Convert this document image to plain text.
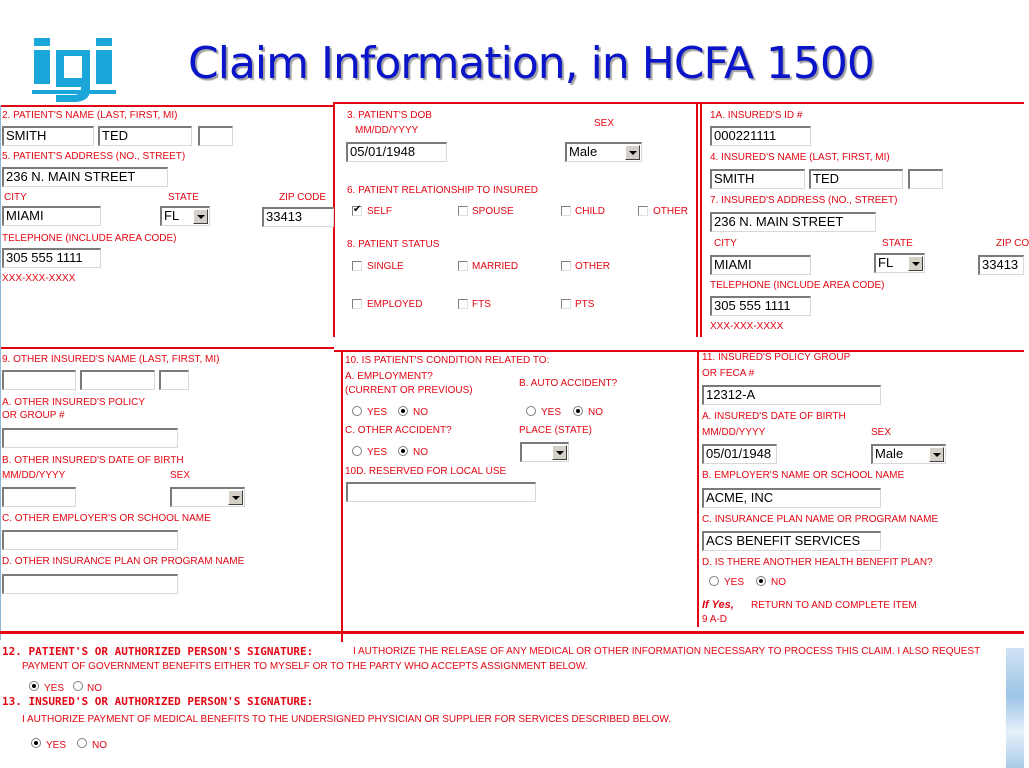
Claim Information, in HCFA 1500
2. PATIENT'S NAME (LAST, FIRST, MI)
SMITH	TED
5. PATIENT'S ADDRESS (NO., STREET)
236 N. MAIN STREET
CITY	STATE	ZIP CODE
MIAMI	FL	33413
TELEPHONE (INCLUDE AREA CODE)
305 555 1111
XXX-XXX-XXXX
3. PATIENT'S DOB
MM/DD/YYYY
SEX
05/01/1948	Male
6. PATIENT RELATIONSHIP TO INSURED
✔
SELF	SPOUSE	CHILD	OTHER
8. PATIENT STATUS
SINGLE	MARRIED	OTHER
EMPLOYED	FTS	PTS
1A. INSURED'S ID #
000221111
4. INSURED'S NAME (LAST, FIRST, MI)
SMITH	TED
7. INSURED'S ADDRESS (NO., STREET)
236 N. MAIN STREET
CITY	STATE	ZIP CO
MIAMI	FL	33413
TELEPHONE (INCLUDE AREA CODE)
305 555 1111
XXX-XXX-XXXX
9. OTHER INSURED'S NAME (LAST, FIRST, MI)
A. OTHER INSURED'S POLICY
OR GROUP #
B. OTHER INSURED'S DATE OF BIRTH
MM/DD/YYYY	SEX
C. OTHER EMPLOYER'S OR SCHOOL NAME
D. OTHER INSURANCE PLAN OR PROGRAM NAME
10. IS PATIENT'S CONDITION RELATED TO:
A. EMPLOYMENT?
(CURRENT OR PREVIOUS)
B. AUTO ACCIDENT?
YES	NO	YES	NO
C. OTHER ACCIDENT?	PLACE (STATE)
YES	NO
10D. RESERVED FOR LOCAL USE
11. INSURED'S POLICY GROUP
OR FECA #
12312-A
A. INSURED'S DATE OF BIRTH
MM/DD/YYYY	SEX
05/01/1948	Male
B. EMPLOYER'S NAME OR SCHOOL NAME
ACME, INC
C. INSURANCE PLAN NAME OR PROGRAM NAME
ACS BENEFIT SERVICES
D. IS THERE ANOTHER HEALTH BENEFIT PLAN?
YES	NO
If Yes, RETURN TO AND COMPLETE ITEM
9 A-D
12. PATIENT'S OR AUTHORIZED PERSON'S SIGNATURE:	I AUTHORIZE THE RELEASE OF ANY MEDICAL OR OTHER INFORMATION NECESSARY TO PROCESS THIS CLAIM. I ALSO REQUEST
PAYMENT OF GOVERNMENT BENEFITS EITHER TO MYSELF OR TO THE PARTY WHO ACCEPTS ASSIGNMENT BELOW.
YES NO
13. INSURED'S OR AUTHORIZED PERSON'S SIGNATURE:
I AUTHORIZE PAYMENT OF MEDICAL BENEFITS TO THE UNDERSIGNED PHYSICIAN OR SUPPLIER FOR SERVICES DESCRIBED BELOW.
YES	NO
